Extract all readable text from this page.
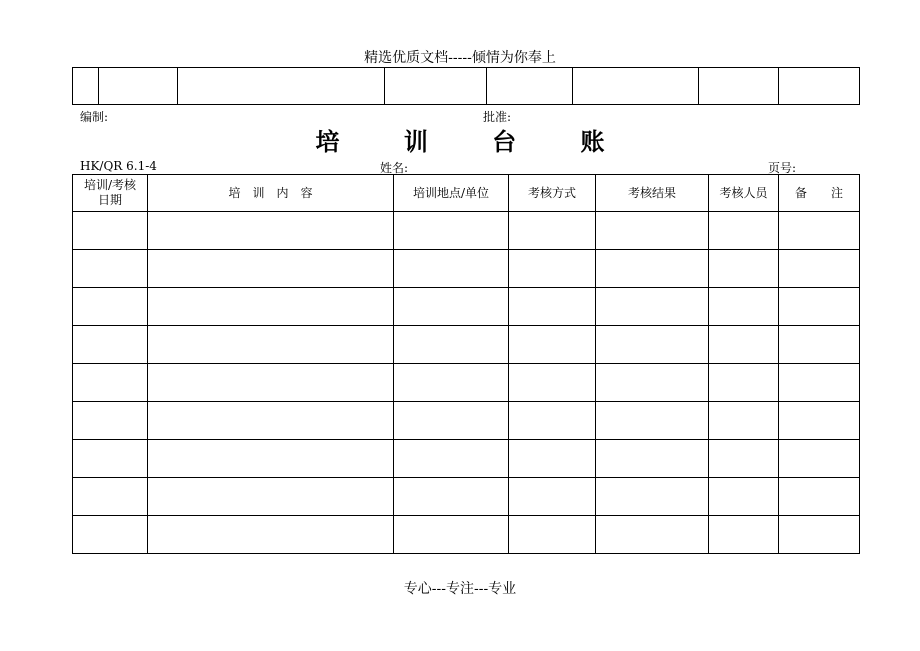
精选优质文档-----倾情为你奉上

编制:	批准:
培	训	台	账
HK/QR 6.1-4	姓名:	页号:
培训/考核
日期	培　训　内　容	培训地点/单位	考核方式	考核结果	考核人员	备　　注

专心---专注---专业
